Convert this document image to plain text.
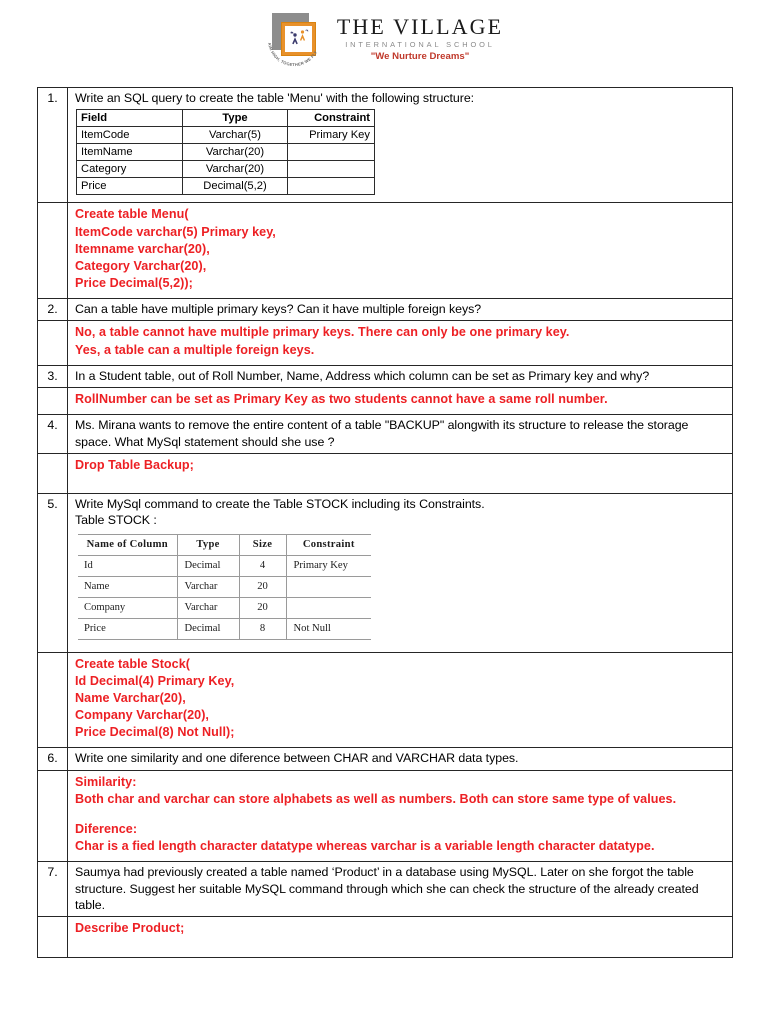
AIM HIGH, TOGETHER WE FLY
THE VILLAGE
INTERNATIONAL SCHOOL
"We Nurture Dreams"
1.	Write an SQL query to create the table 'Menu' with the following structure:
Field	Type	Constraint
ItemCode	Varchar(5)	Primary Key
ItemName	Varchar(20)	
Category	Varchar(20)	
Price	Decimal(5,2)	
Create table Menu(
ItemCode varchar(5) Primary key,
Itemname varchar(20),
Category Varchar(20),
Price Decimal(5,2));
2.	Can a table have multiple primary keys? Can it have multiple foreign keys?
No, a table cannot have multiple primary keys. There can only be one primary key.
Yes, a table can a multiple foreign keys.
3.	In a Student table, out of Roll Number, Name, Address which column can be set as Primary key and why?
RollNumber can be set as Primary Key as two students cannot have a same roll number.
4.	Ms. Mirana wants to remove the entire content of a table "BACKUP" alongwith its structure to release the storage space. What MySql statement should she use ?
Drop Table Backup;
5.	Write MySql command to create the Table STOCK including its Constraints.
Table STOCK :
Name of Column	Type	Size	Constraint
Id	Decimal	4	Primary Key
Name	Varchar	20	
Company	Varchar	20	
Price	Decimal	8	Not Null
Create table Stock(
Id Decimal(4) Primary Key,
Name Varchar(20),
Company Varchar(20),
Price Decimal(8) Not Null);
6.	Write one similarity and one diference between CHAR and VARCHAR data types.
Similarity:
Both char and varchar can store alphabets as well as numbers. Both can store same type of values.
Diference:
Char is a fied length character datatype whereas varchar is a variable length character datatype.
7.	Saumya had previously created a table named ‘Product’ in a database using MySQL. Later on she forgot the table structure. Suggest her suitable MySQL command through which she can check the structure of the already created table.
Describe Product;
